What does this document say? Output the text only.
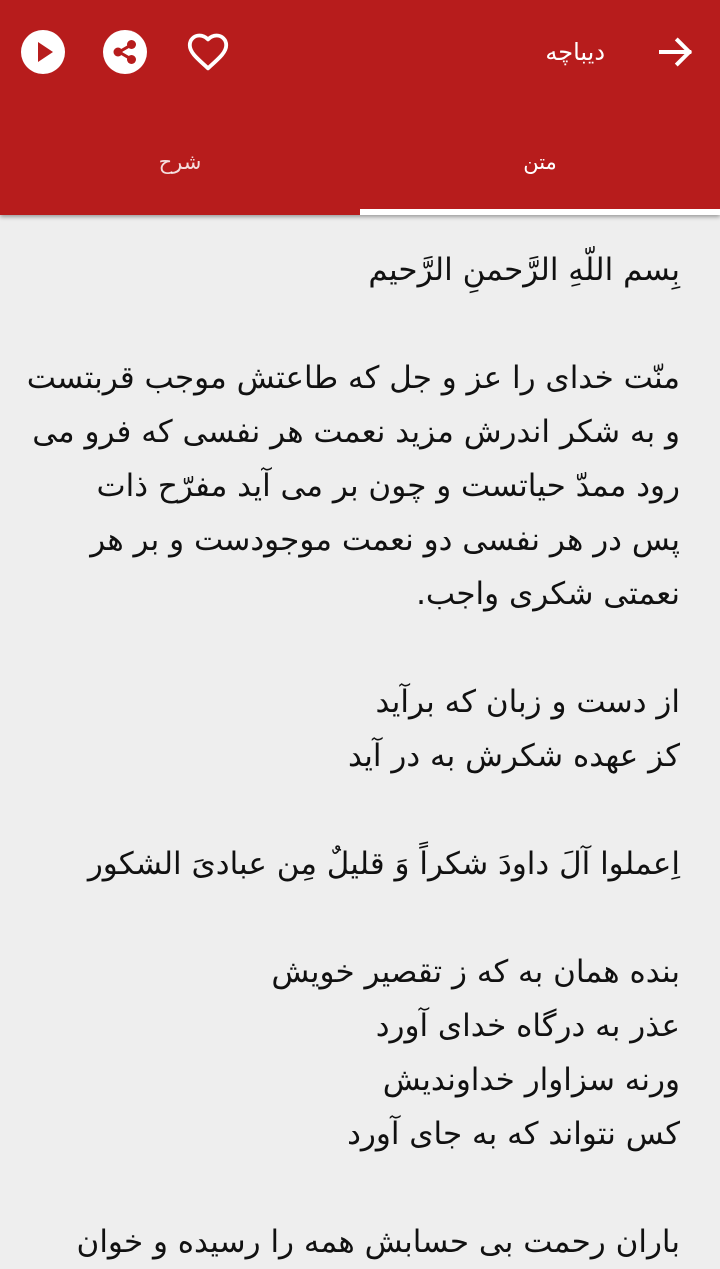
دیباچه
شرح	متن
بِسم اللّهِ الرَّحمنِ الرَّحیم
منّت خدای را عز و جل که طاعتش موجب قربتست
و به شکر اندرش مزید نعمت هر نفسی که فرو می
رود ممدّ حیاتست و چون بر می آید مفرّح ذات
پس در هر نفسی دو نعمت موجودست و بر هر
نعمتی شکری واجب.
از دست و زبان که برآید
کز عهده شکرش به در آید
اِعملوا آلَ داودَ شکراً وَ قلیلٌ مِن عبادیَ الشکور
بنده همان به که ز تقصیر خویش
عذر به درگاه خدای آورد
ورنه سزاوار خداوندیش
کس نتواند که به جای آورد
باران رحمت بی حسابش همه را رسیده و خوان
